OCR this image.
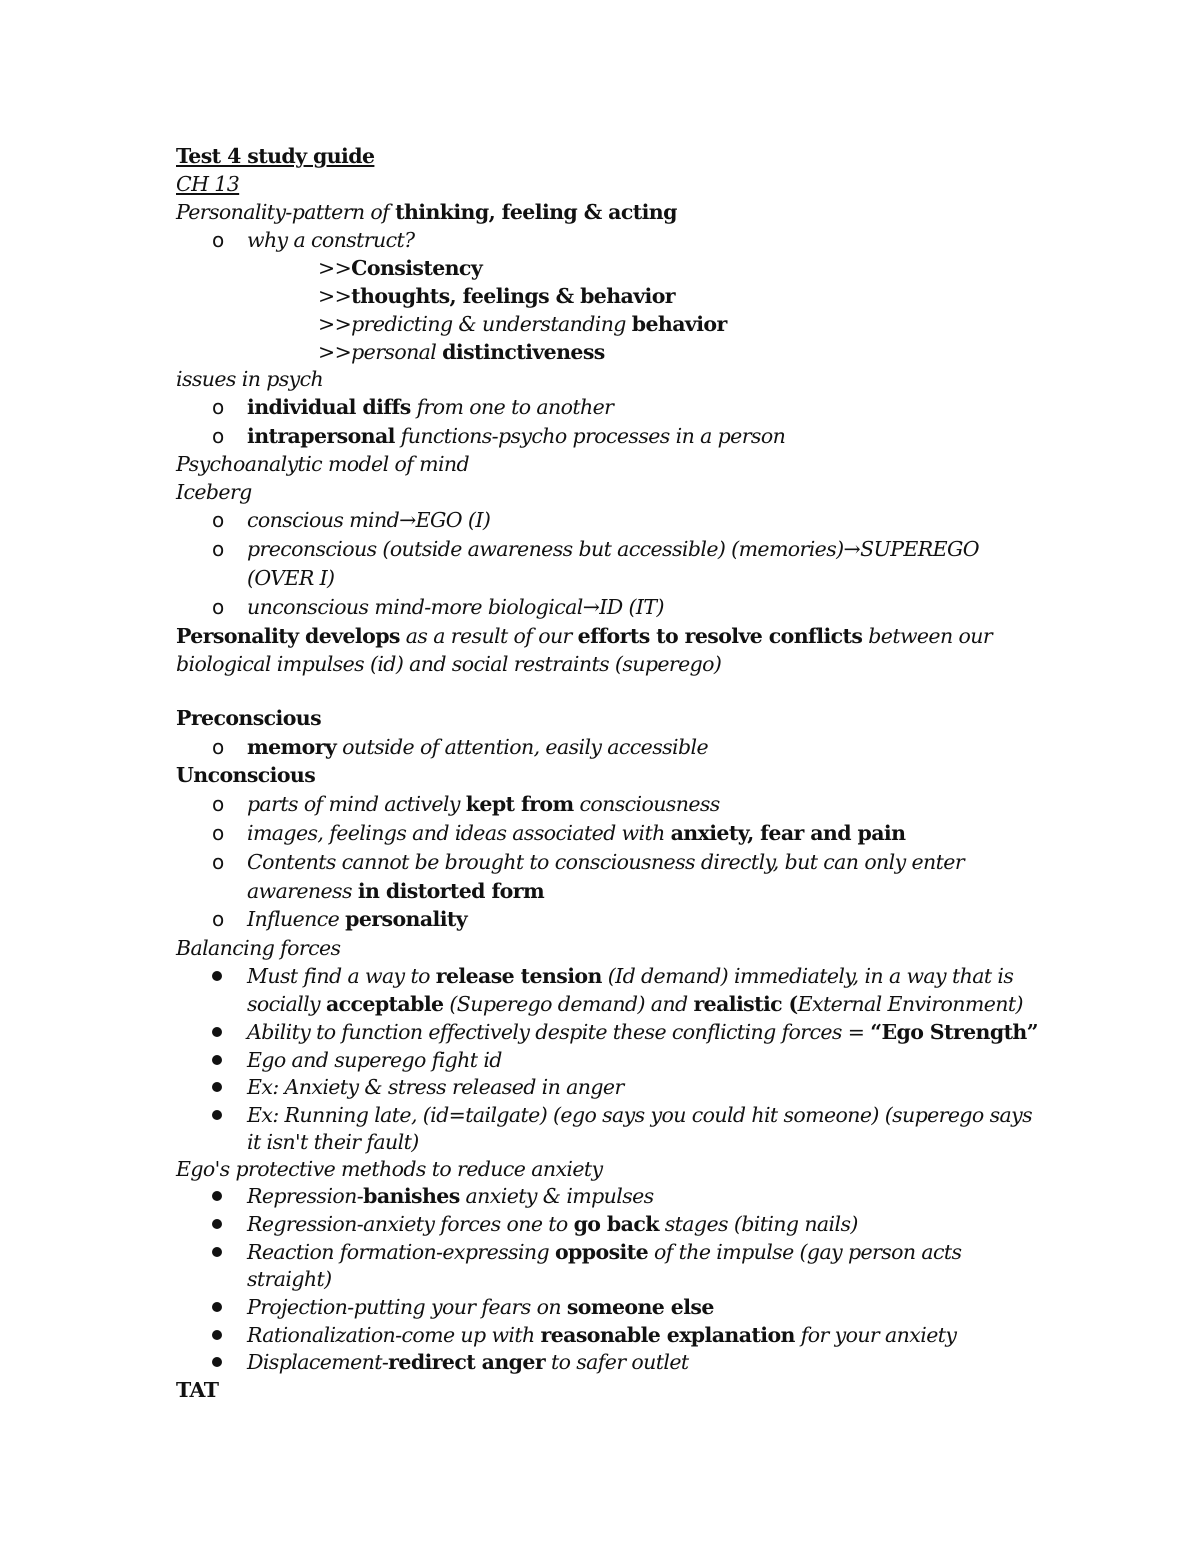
Test 4 study guide
CH 13
Personality-pattern of thinking, feeling & acting
o why a construct?
>>Consistency
>>thoughts, feelings & behavior
>>predicting & understanding behavior
>>personal distinctiveness
issues in psych
o individual diffs from one to another
o intrapersonal functions-psycho processes in a person
Psychoanalytic model of mind
Iceberg
o conscious mind→EGO (I)
o preconscious (outside awareness but accessible) (memories)→SUPEREGO
(OVER I)
o unconscious mind-more biological→ID (IT)
Personality develops as a result of our efforts to resolve conflicts between our
biological impulses (id) and social restraints (superego)
Preconscious
o memory outside of attention, easily accessible
Unconscious
o parts of mind actively kept from consciousness
o images, feelings and ideas associated with anxiety, fear and pain
o Contents cannot be brought to consciousness directly, but can only enter
awareness in distorted form
o Influence personality
Balancing forces
Must find a way to release tension (Id demand) immediately, in a way that is
socially acceptable (Superego demand) and realistic (External Environment)
Ability to function effectively despite these conflicting forces = “Ego Strength”
Ego and superego fight id
Ex: Anxiety & stress released in anger
Ex: Running late, (id=tailgate) (ego says you could hit someone) (superego says
it isn't their fault)
Ego's protective methods to reduce anxiety
Repression-banishes anxiety & impulses
Regression-anxiety forces one to go back stages (biting nails)
Reaction formation-expressing opposite of the impulse (gay person acts
straight)
Projection-putting your fears on someone else
Rationalization-come up with reasonable explanation for your anxiety
Displacement-redirect anger to safer outlet
TAT
